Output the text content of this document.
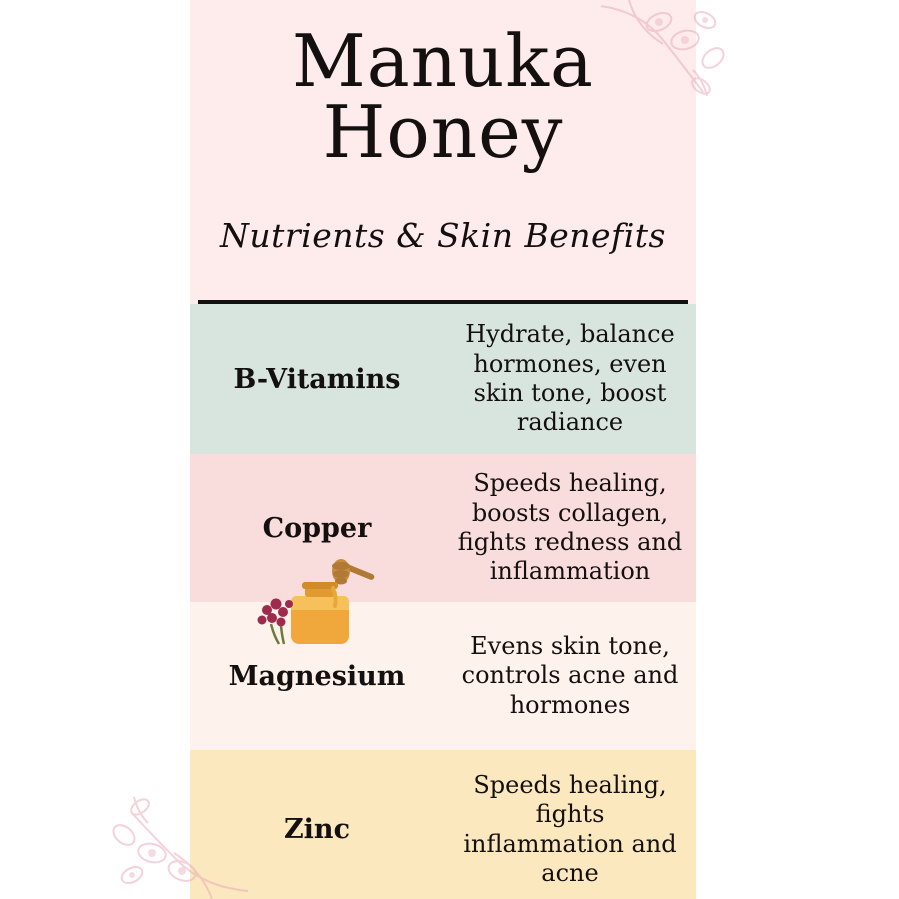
Manuka
Honey
Nutrients & Skin Benefits
B-Vitamins
Hydrate, balance hormones, even skin tone, boost radiance
Copper
Speeds healing, boosts collagen, fights redness and inflammation
Magnesium
Evens skin tone, controls acne and hormones
Zinc
Speeds healing, fights inflammation and acne
